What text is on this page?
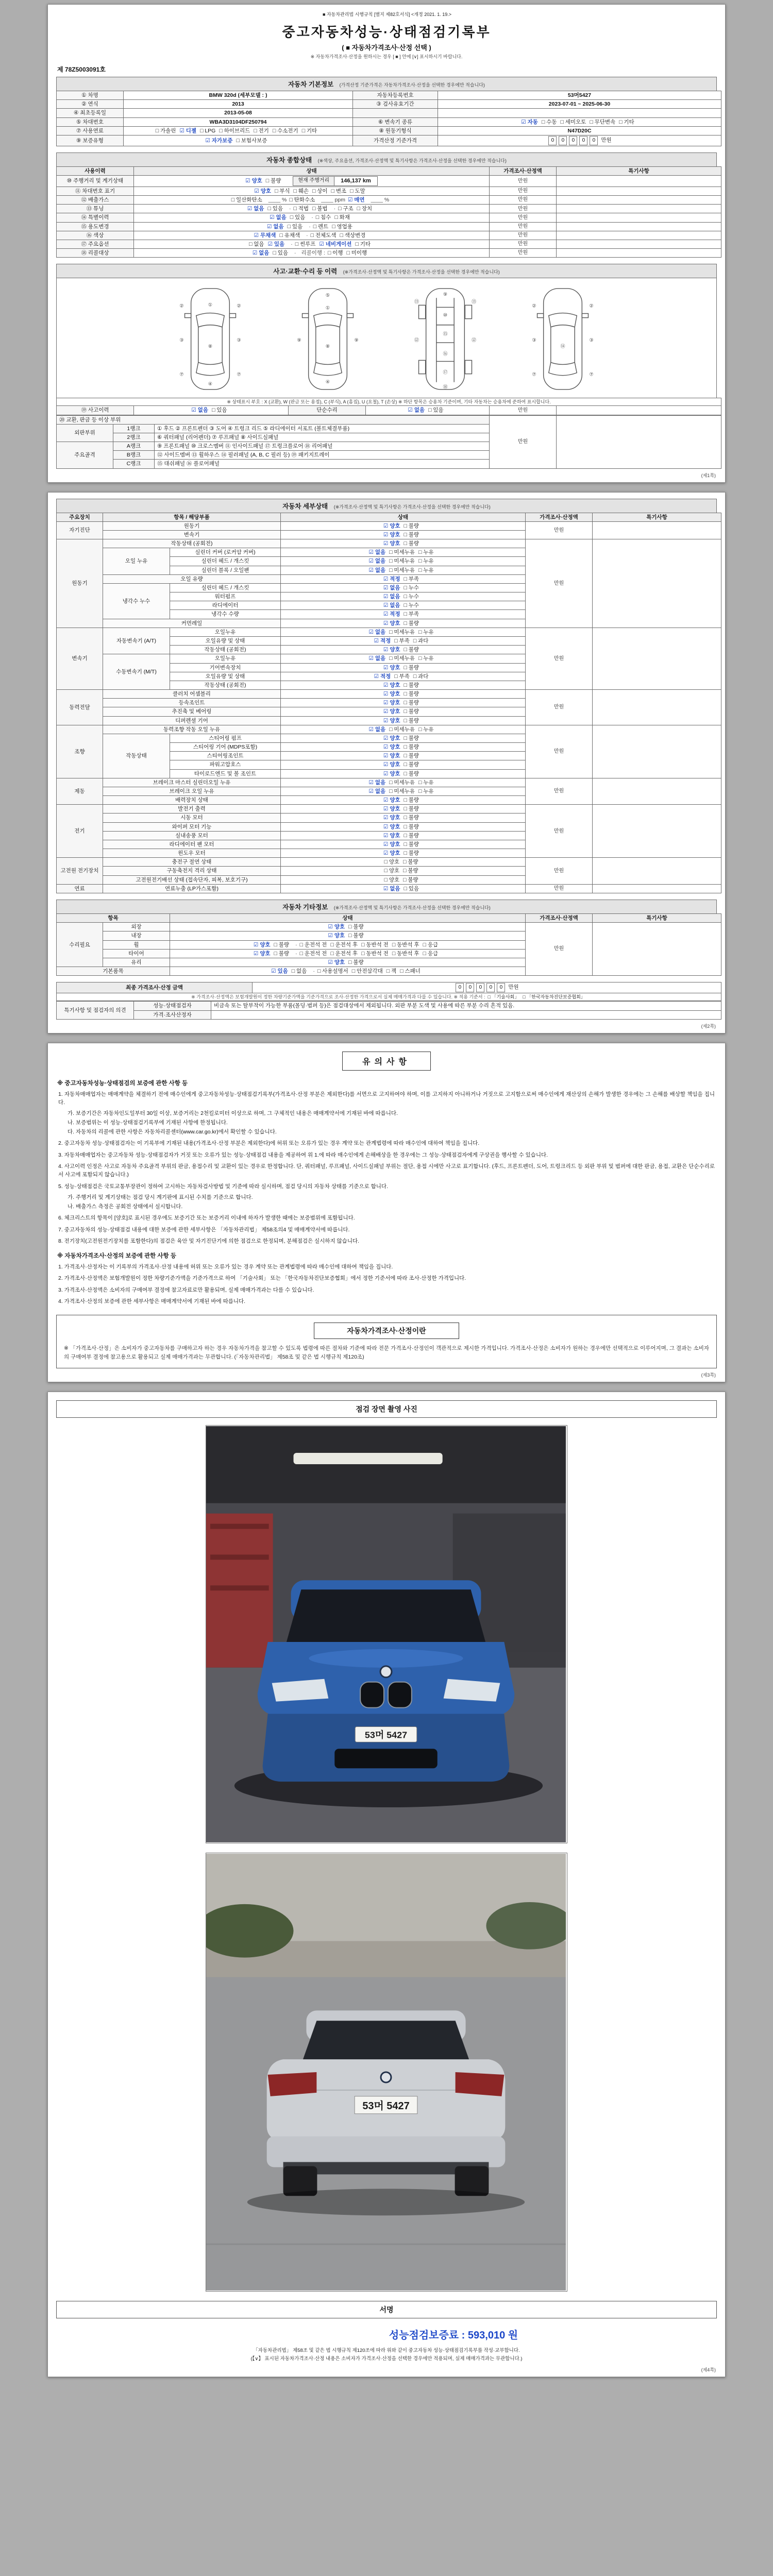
■ 자동차관리법 시행규칙 [별지 제82호서식] <개정 2021. 1. 19.>
중고자동차성능·상태점검기록부
( ■ 자동차가격조사·산정 선택 )
※ 자동차가격조사·산정을 원하시는 경우 [ ■ ] 안에 [∨] 표시하시기 바랍니다.
제 78Z5003091호
자동차 기본정보 (가격산정 기준가격은 자동차가격조사·산정을 선택한 경우에만 적습니다)
① 차명	BMW 320d (세부모델 : )	자동차등록번호	53머5427
② 연식	2013	③ 검사유효기간	2023-07-01 ~ 2025-06-30
④ 최초등록일	2013-05-08		
⑤ 차대번호	WBA3D3104DF250794	⑥ 변속기 종류	☑ 자동 □ 수동 □ 세미오토 □ 무단변속 □ 기타
⑦ 사용연료	□ 가솔린 ☑ 디젤 □ LPG □ 하이브리드 □ 전기 □ 수소전기 □ 기타	⑧ 원동기형식	N47D20C
⑨ 보증유형	☑ 자가보증 □ 보험사보증	가격산정 기준가격	0 0 0 0 0 만원
자동차 종합상태 (※색상, 주요옵션, 가격조사·산정액 및 특기사항은 가격조사·산정을 선택한 경우에만 적습니다)
사용이력	상태	가격조사·산정액	특기사항
⑩ 주행거리 및 계기상태	☑ 양호 □ 불량 현재 주행거리 146,137 km	만원	
⑪ 차대번호 표기	☑ 양호 □ 부식 □ 훼손 □ 상이 □ 변조 □ 도말	만원	
⑫ 배출가스	□ 일산화탄소 ____ % □ 탄화수소 ____ ppm ☑ 매연 ____ %	만원	
⑬ 튜닝	☑ 없음 □ 있음 · □ 적법 □ 불법 · □ 구조 □ 장치	만원	
⑭ 특별이력	☑ 없음 □ 있음 · □ 침수 □ 화재	만원	
⑮ 용도변경	☑ 없음 □ 있음 · □ 렌트 □ 영업용	만원	
⑯ 색상	☑ 무채색 □ 유채색 · □ 전체도색 □ 색상변경	만원	
⑰ 주요옵션	□ 없음 ☑ 있음 · □ 썬루프 ☑ 네비게이션 □ 기타	만원	
⑱ 리콜대상	☑ 없음 □ 있음 · 리콜이행 : □ 이행 □ 미이행	만원	
사고·교환·수리 등 이력 (※가격조사·산정액 및 특기사항은 가격조사·산정을 선택한 경우에만 적습니다)
①
⑧
④
③	③
②	②
⑦	⑦
⑤
①
⑧
⑨	⑨
④
⑨
⑩
⑮
⑫	⑫
⑬	⑬
⑯
⑰
⑱
③	③
②	②
⑦	⑦
⑭
※ 상태표시 부호 : X (교환), W (판금 또는 용접), C (부식), A (흠집), U (요철), T (손상) ※ 하단 항목은 승용차 기준이며, 기타 자동차는 승용차에 준하여 표시합니다.
⑲ 사고이력	☑ 없음 □ 있음	단순수리	☑ 없음 □ 있음	만원	
⑳ 교환, 판금 등 이상 부위			만원	
외판부위	1랭크	① 후드 ② 프론트펜더 ③ 도어 ④ 트렁크 리드 ⑤ 라디에이터 서포트 (볼트체결부품)		
	2랭크	⑥ 쿼터패널 (리어펜더) ⑦ 루프패널 ⑧ 사이드실패널		
주요골격	A랭크	⑨ 프론트패널 ⑩ 크로스멤버 ⑪ 인사이드패널 ⑰ 트렁크플로어 ⑱ 리어패널		
	B랭크	⑫ 사이드멤버 ⑬ 휠하우스 ⑭ 필러패널 (A, B, C 필러 등) ⑲ 패키지트레이		
	C랭크	⑮ 대쉬패널 ⑯ 플로어패널		
(제1쪽)
자동차 세부상태 (※가격조사·산정액 및 특기사항은 가격조사·산정을 선택한 경우에만 적습니다)
주요장치	항목 / 해당부품		상태	가격조사·산정액	특기사항
자기진단	원동기		☑ 양호 □ 불량	만원	
	변속기		☑ 양호 □ 불량		
원동기	작동상태 (공회전)		☑ 양호 □ 불량	만원	
	오일 누유	실린더 커버 (로커암 커버)	☑ 없음 □ 미세누유 □ 누유		
		실린더 헤드 / 개스킷	☑ 없음 □ 미세누유 □ 누유		
		실린더 블록 / 오일팬	☑ 없음 □ 미세누유 □ 누유		
	오일 유량		☑ 적정 □ 부족		
	냉각수 누수	실린더 헤드 / 개스킷	☑ 없음 □ 누수		
		워터펌프	☑ 없음 □ 누수		
		라디에이터	☑ 없음 □ 누수		
		냉각수 수량	☑ 적정 □ 부족		
	커먼레일		☑ 양호 □ 불량		
변속기	자동변속기 (A/T)	오일누유	☑ 없음 □ 미세누유 □ 누유	만원	
		오일유량 및 상태	☑ 적정 □ 부족 □ 과다		
		작동상태 (공회전)	☑ 양호 □ 불량		
	수동변속기 (M/T)	오일누유	☑ 없음 □ 미세누유 □ 누유		
		기어변속장치	☑ 양호 □ 불량		
		오일유량 및 상태	☑ 적정 □ 부족 □ 과다		
		작동상태 (공회전)	☑ 양호 □ 불량		
동력전달	클러치 어셈블리		☑ 양호 □ 불량	만원	
	등속조인트		☑ 양호 □ 불량		
	추진축 및 베어링		☑ 양호 □ 불량		
	디퍼렌셜 기어		☑ 양호 □ 불량		
조향	동력조향 작동 오일 누유		☑ 없음 □ 미세누유 □ 누유	만원	
	작동상태	스티어링 펌프	☑ 양호 □ 불량		
		스티어링 기어 (MDPS포함)	☑ 양호 □ 불량		
		스티어링조인트	☑ 양호 □ 불량		
		파워고압호스	☑ 양호 □ 불량		
		타이로드엔드 및 볼 조인트	☑ 양호 □ 불량		
제동	브레이크 마스터 실린더오일 누유		☑ 없음 □ 미세누유 □ 누유	만원	
	브레이크 오일 누유		☑ 없음 □ 미세누유 □ 누유		
	배력장치 상태		☑ 양호 □ 불량		
전기	발전기 출력		☑ 양호 □ 불량	만원	
	시동 모터		☑ 양호 □ 불량		
	와이퍼 모터 기능		☑ 양호 □ 불량		
	실내송풍 모터		☑ 양호 □ 불량		
	라디에이터 팬 모터		☑ 양호 □ 불량		
	윈도우 모터		☑ 양호 □ 불량		
고전원 전기장치	충전구 절연 상태		□ 양호 □ 불량	만원	
	구동축전지 격리 상태		□ 양호 □ 불량		
	고전원전기배선 상태 (접속단자, 피복, 보호기구)		□ 양호 □ 불량		
연료	연료누출 (LP가스포함)		☑ 없음 □ 있음	만원	
자동차 기타정보 (※가격조사·산정액 및 특기사항은 가격조사·산정을 선택한 경우에만 적습니다)
항목		상태	가격조사·산정액	특기사항
수리필요	외장	☑ 양호 □ 불량	만원	
	내장	☑ 양호 □ 불량		
	휠	☑ 양호 □ 불량 · □ 운전석 전 □ 운전석 후 □ 동반석 전 □ 동반석 후 □ 응급		
	타이어	☑ 양호 □ 불량 · □ 운전석 전 □ 운전석 후 □ 동반석 전 □ 동반석 후 □ 응급		
	유리	☑ 양호 □ 불량		
기본품목		☑ 있음 □ 없음 · □ 사용설명서 □ 안전삼각대 □ 잭 □ 스패너		
최종 가격조사·산정 금액	0 0 0 0 0 만원
※ 가격조사·산정액은 보험개발원이 정한 차량기준가액을 기준가격으로 조사·산정한 가격으로서 실제 매매가격과 다를 수 있습니다. ※ 적용 기준서 : □ 「기술사회」 □ 「한국자동차진단보증협회」
특기사항 및 점검자의 의견	성능·상태점검자	비금속 또는 탈부착이 가능한 부품(몰딩·범퍼 등)은 점검대상에서 제외됩니다. 외판 부분 도색 및 사용에 따른 부분 수리 흔적 있음.
	가격·조사산정자	
(제2쪽)
유의사항
※ 중고자동차성능·상태점검의 보증에 관한 사항 등
1. 자동차매매업자는 매매계약을 체결하기 전에 매수인에게 중고자동차성능·상태점검기록부(가격조사·산정 부분은 제외한다)를 서면으로 고지하여야 하며, 이를 고지하지 아니하거나 거짓으로 고지함으로써 매수인에게 재산상의 손해가 발생한 경우에는 그 손해를 배상할 책임을 집니다.
가. 보증기간은 자동차인도일부터 30일 이상, 보증거리는 2천킬로미터 이상으로 하며, 그 구체적인 내용은 매매계약서에 기재된 바에 따릅니다.
나. 보증범위는 이 성능·상태점검기록부에 기재된 사항에 한정됩니다.
다. 자동차의 리콜에 관한 사항은 자동차리콜센터(www.car.go.kr)에서 확인할 수 있습니다.
2. 중고자동차 성능·상태점검자는 이 기록부에 기재된 내용(가격조사·산정 부분은 제외한다)에 허위 또는 오류가 있는 경우 계약 또는 관계법령에 따라 매수인에 대하여 책임을 집니다.
3. 자동차매매업자는 중고자동차 성능·상태점검자가 거짓 또는 오류가 있는 성능·상태점검 내용을 제공하여 위 1.에 따라 매수인에게 손해배상을 한 경우에는 그 성능·상태점검자에게 구상권을 행사할 수 있습니다.
4. 사고이력 인정은 사고로 자동차 주요골격 부위의 판금, 용접수리 및 교환이 있는 경우로 한정합니다. 단, 쿼터패널, 루프패널, 사이드실패널 부위는 절단, 용접 시에만 사고로 표기합니다. (후드, 프론트펜더, 도어, 트렁크리드 등 외판 부위 및 범퍼에 대한 판금, 용접, 교환은 단순수리로서 사고에 포함되지 않습니다.)
5. 성능·상태점검은 국토교통부장관이 정하여 고시하는 자동차검사방법 및 기준에 따라 실시하며, 점검 당시의 자동차 상태를 기준으로 합니다.
가. 주행거리 및 계기상태는 점검 당시 계기판에 표시된 수치를 기준으로 합니다.
나. 배출가스 측정은 공회전 상태에서 실시합니다.
6. 체크리스트의 항목이 [양호]로 표시된 경우에도 보증기간 또는 보증거리 이내에 하자가 발생한 때에는 보증범위에 포함됩니다.
7. 중고자동차의 성능·상태점검 내용에 대한 보증에 관한 세부사항은 「자동차관리법」 제58조의4 및 매매계약서에 따릅니다.
8. 전기장치(고전원전기장치를 포함한다)의 점검은 육안 및 자기진단기에 의한 점검으로 한정되며, 분해점검은 실시하지 않습니다.
※ 자동차가격조사·산정의 보증에 관한 사항 등
1. 가격조사·산정자는 이 기록부의 가격조사·산정 내용에 허위 또는 오류가 있는 경우 계약 또는 관계법령에 따라 매수인에 대하여 책임을 집니다.
2. 가격조사·산정액은 보험개발원이 정한 차량기준가액을 기준가격으로 하여 「기술사회」 또는 「한국자동차진단보증협회」에서 정한 기준서에 따라 조사·산정한 가격입니다.
3. 가격조사·산정액은 소비자의 구매여부 결정에 참고자료로만 활용되며, 실제 매매가격과는 다를 수 있습니다.
4. 가격조사·산정의 보증에 관한 세부사항은 매매계약서에 기재된 바에 따릅니다.
자동차가격조사·산정이란
※ 「가격조사·산정」은 소비자가 중고자동차를 구매하고자 하는 경우 자동차가격을 참고할 수 있도록 법령에 따른 절차와 기준에 따라 전문 가격조사·산정인이 객관적으로 제시한 가격입니다. 가격조사·산정은 소비자가 원하는 경우에만 선택적으로 이루어지며, 그 결과는 소비자의 구매여부 결정에 참고용으로 활용되고 실제 매매가격과는 무관합니다. (「자동차관리법」 제58조 및 같은 법 시행규칙 제120조)
(제3쪽)
점검 장면 촬영 사진
53머 5427
53머 5427
서명
성능점검보증료 : 593,010 원
「자동차관리법」 제58조 및 같은 법 시행규칙 제120조에 따라 위와 같이 중고자동차 성능·상태점검기록부를 작성·교부합니다.
(【∨】 표시된 자동차가격조사·산정 내용은 소비자가 가격조사·산정을 선택한 경우에만 적용되며, 실제 매매가격과는 무관합니다.)
(제4쪽)
